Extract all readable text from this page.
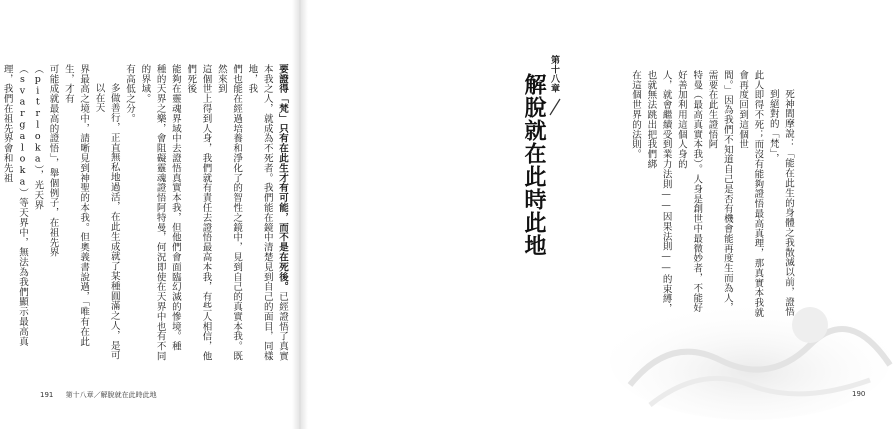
要證得「梵」只有在此生才有可能，而不是在死後。已經證悟了真實
本我之人，就成為不死者。我們能在鏡中清楚見到自己的面目，同樣地，我
們也能在經過培養和淨化了的智性之鏡中，見到自己的真實本我。既然來到
這個世上得到人身，我們就有責任去證悟最高本我，有些人相信，他們死後
能夠在靈魂界域中去證悟真實本我，但他們會面臨幻滅的慘境。種
種的天界之樂，會阻礙靈魂證悟阿特曼，何況即使在天界中也有不同的界域。
有高低之分。
多做善行，正直無私地過活，在此生成就了某種圓滿之人，是可以在天
界最高之境中，請晰見到神聖的本我。但奧義書說過，「唯有在此生，才有
可能成就最高的證悟」，舉個例子，在祖先界（pitrloka），光天界
（svargaloka）等天界中，無法為我們顯示最高真理，我們在祖先界會和先祖
191 第十八章／解脫就在此時此地
死神閻摩說：「能在此生的身體之我散滅以前，證悟到絕對的「梵」，
此人即得不死；而沒有能夠證悟最高真理，那真實本我就會再度回到這個世
間。」因為我們不知道自己是否有機會能再度生而為人，需要在此生證悟阿
特曼（最高真實本我）。人身是創世中最微妙者，不能好好善加利用這個人身的
人，就會繼續受到業力法則——因果法則——的束縛，也就無法跳出把我們綁
在這個世界的法則。
190
第十八章
解脫就在此時此地
